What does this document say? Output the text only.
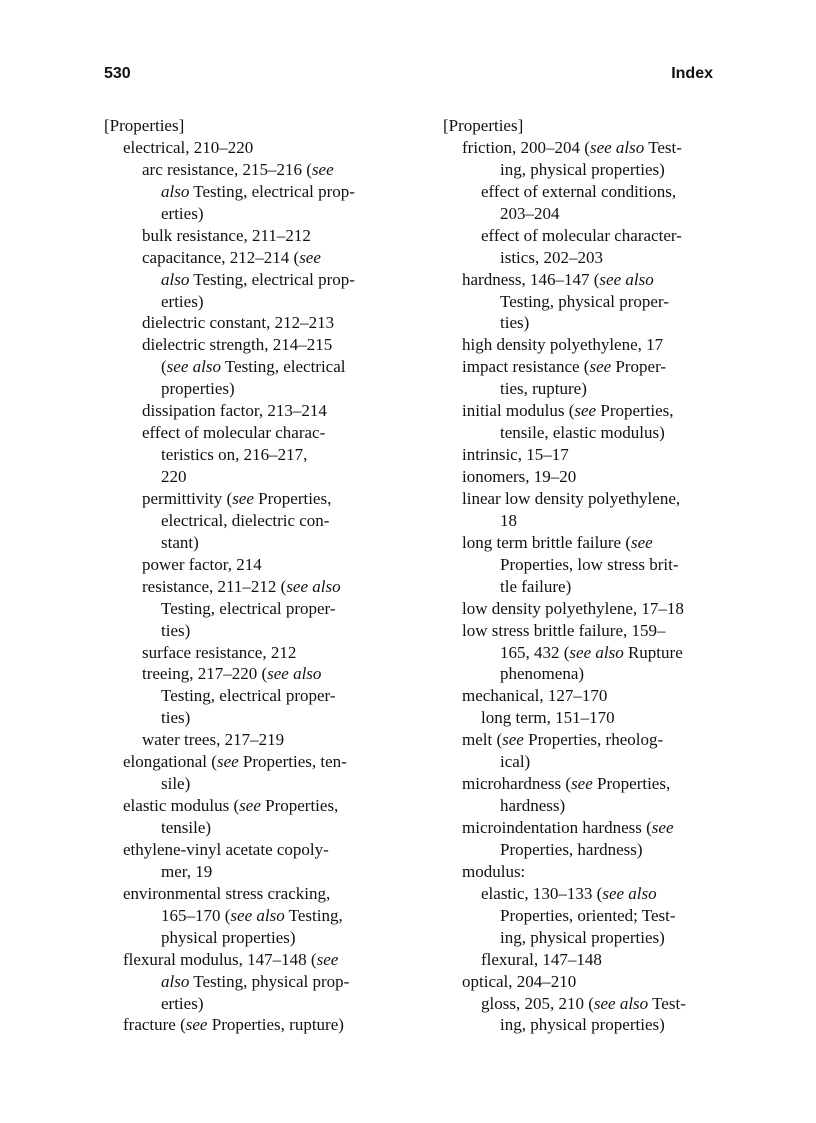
530	Index
[Properties]
electrical, 210–220
arc resistance, 215–216 (see
also Testing, electrical prop-
erties)
bulk resistance, 211–212
capacitance, 212–214 (see
also Testing, electrical prop-
erties)
dielectric constant, 212–213
dielectric strength, 214–215
(see also Testing, electrical
properties)
dissipation factor, 213–214
effect of molecular charac-
teristics on, 216–217,
220
permittivity (see Properties,
electrical, dielectric con-
stant)
power factor, 214
resistance, 211–212 (see also
Testing, electrical proper-
ties)
surface resistance, 212
treeing, 217–220 (see also
Testing, electrical proper-
ties)
water trees, 217–219
elongational (see Properties, ten-
sile)
elastic modulus (see Properties,
tensile)
ethylene-vinyl acetate copoly-
mer, 19
environmental stress cracking,
165–170 (see also Testing,
physical properties)
flexural modulus, 147–148 (see
also Testing, physical prop-
erties)
fracture (see Properties, rupture)
[Properties]
friction, 200–204 (see also Test-
ing, physical properties)
effect of external conditions,
203–204
effect of molecular character-
istics, 202–203
hardness, 146–147 (see also
Testing, physical proper-
ties)
high density polyethylene, 17
impact resistance (see Proper-
ties, rupture)
initial modulus (see Properties,
tensile, elastic modulus)
intrinsic, 15–17
ionomers, 19–20
linear low density polyethylene,
18
long term brittle failure (see
Properties, low stress brit-
tle failure)
low density polyethylene, 17–18
low stress brittle failure, 159–
165, 432 (see also Rupture
phenomena)
mechanical, 127–170
long term, 151–170
melt (see Properties, rheolog-
ical)
microhardness (see Properties,
hardness)
microindentation hardness (see
Properties, hardness)
modulus:
elastic, 130–133 (see also
Properties, oriented; Test-
ing, physical properties)
flexural, 147–148
optical, 204–210
gloss, 205, 210 (see also Test-
ing, physical properties)
